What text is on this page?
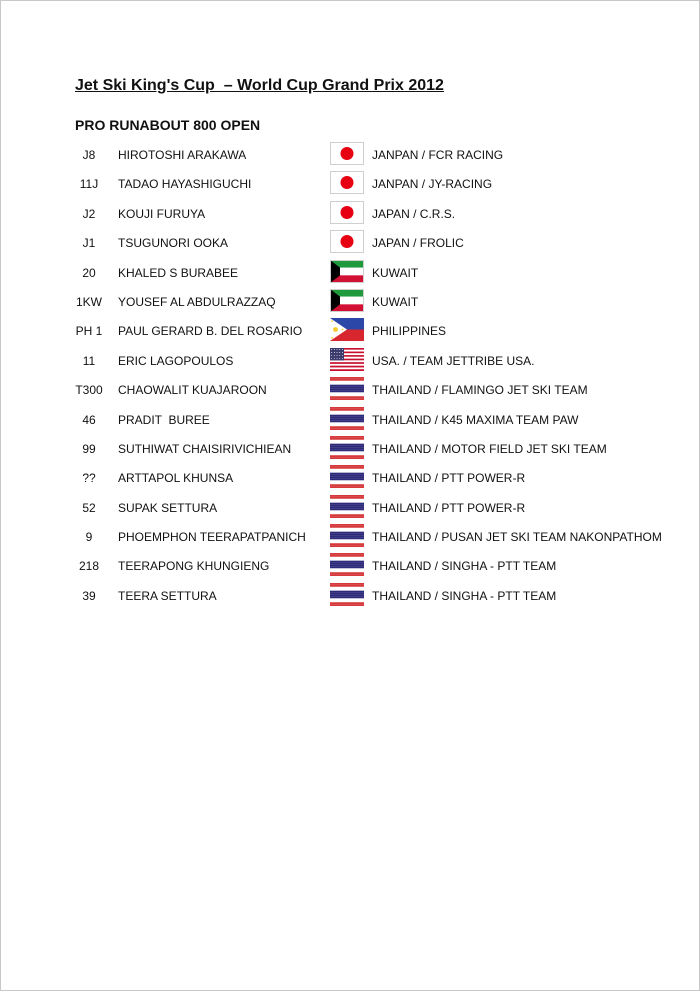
Jet Ski King's Cup  – World Cup Grand Prix 2012
PRO RUNABOUT 800 OPEN
J8	HIROTOSHI ARAKAWA	JANPAN / FCR RACING
11J	TADAO HAYASHIGUCHI	JANPAN / JY-RACING
J2	KOUJI FURUYA	JAPAN / C.R.S.
J1	TSUGUNORI OOKA	JAPAN / FROLIC
20	KHALED S BURABEE	KUWAIT
1KW	YOUSEF AL ABDULRAZZAQ	KUWAIT
PH 1	PAUL GERARD B. DEL ROSARIO	PHILIPPINES
11	ERIC LAGOPOULOS	USA. / TEAM JETTRIBE USA.
T300	CHAOWALIT KUAJAROON	THAILAND / FLAMINGO JET SKI TEAM
46	PRADIT  BUREE	THAILAND / K45 MAXIMA TEAM PAW
99	SUTHIWAT CHAISIRIVICHIEAN	THAILAND / MOTOR FIELD JET SKI TEAM
??	ARTTAPOL KHUNSA	THAILAND / PTT POWER-R
52	SUPAK SETTURA	THAILAND / PTT POWER-R
9	PHOEMPHON TEERAPATPANICH	THAILAND / PUSAN JET SKI TEAM NAKONPATHOM
218	TEERAPONG KHUNGIENG	THAILAND / SINGHA - PTT TEAM
39	TEERA SETTURA	THAILAND / SINGHA - PTT TEAM
